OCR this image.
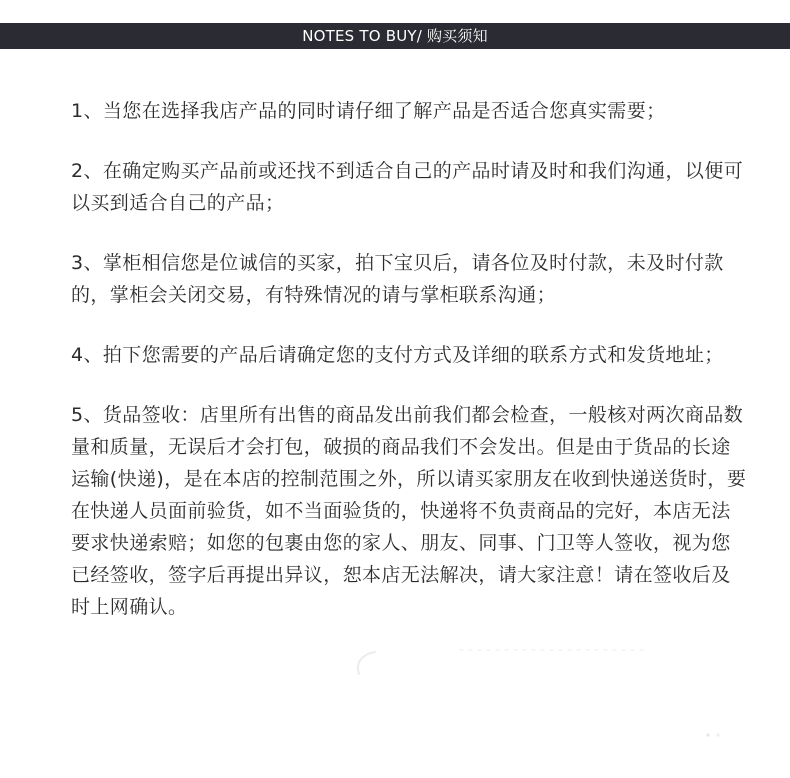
NOTES TO BUY/ 购买须知
1、当您在选择我店产品的同时请仔细了解产品是否适合您真实需要；
2、在确定购买产品前或还找不到适合自己的产品时请及时和我们沟通，以便可以买到适合自己的产品；
3、掌柜相信您是位诚信的买家，拍下宝贝后，请各位及时付款，未及时付款的，掌柜会关闭交易，有特殊情况的请与掌柜联系沟通；
4、拍下您需要的产品后请确定您的支付方式及详细的联系方式和发货地址；
5、货品签收：店里所有出售的商品发出前我们都会检查，一般核对两次商品数量和质量，无误后才会打包，破损的商品我们不会发出。但是由于货品的长途运输(快递)，是在本店的控制范围之外，所以请买家朋友在收到快递送货时，要在快递人员面前验货，如不当面验货的，快递将不负责商品的完好，本店无法要求快递索赔；如您的包裹由您的家人、朋友、同事、门卫等人签收，视为您已经签收，签字后再提出异议，恕本店无法解决，请大家注意！请在签收后及时上网确认。
